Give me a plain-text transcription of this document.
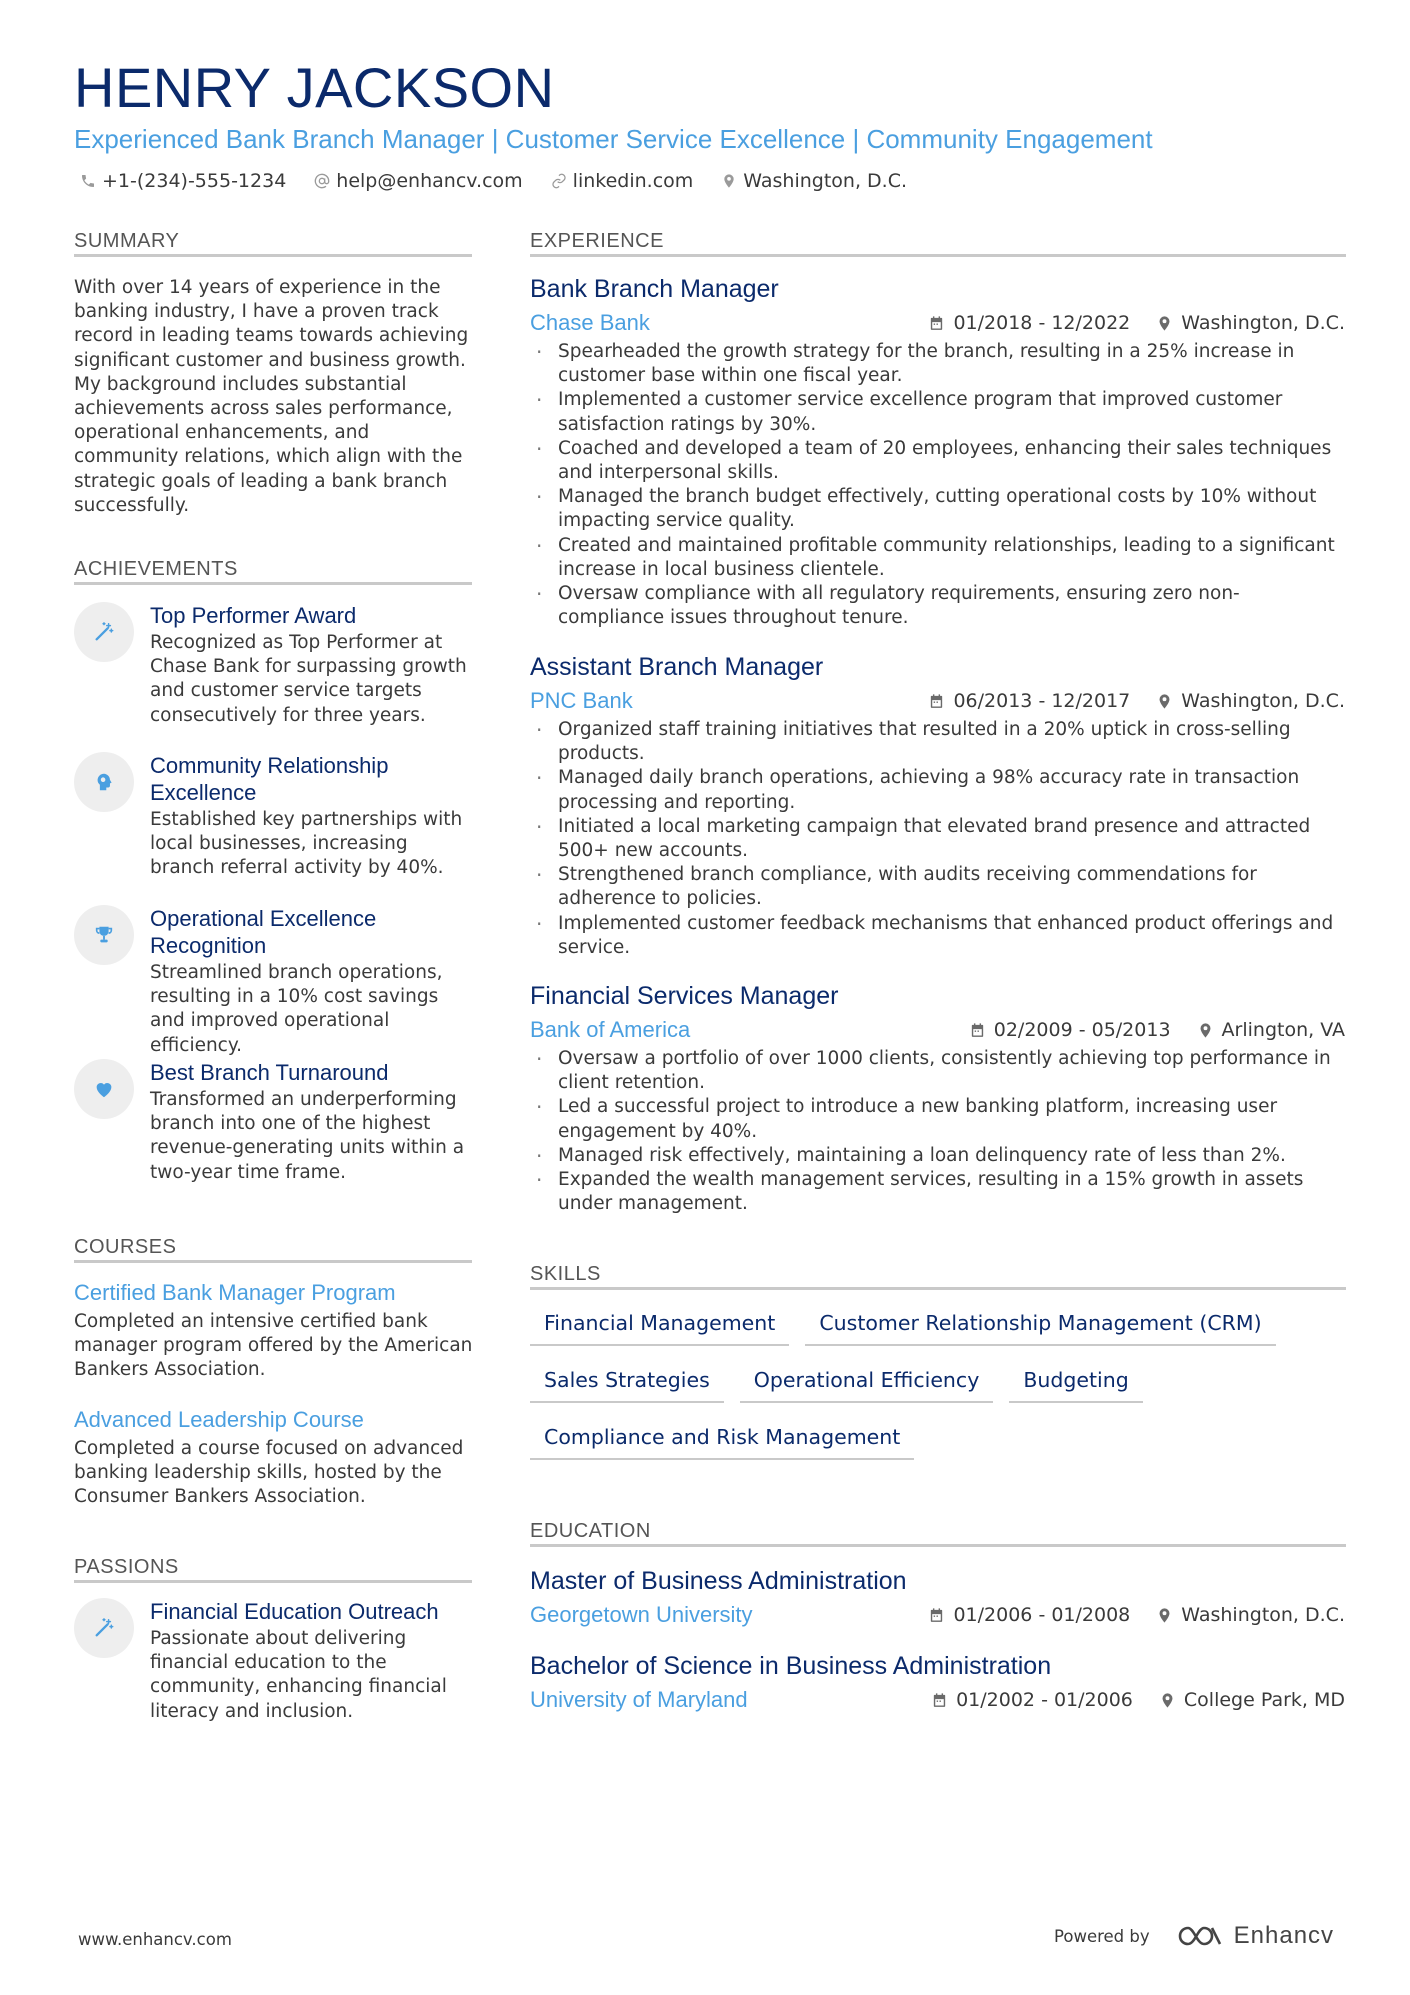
HENRY JACKSON
Experienced Bank Branch Manager | Customer Service Excellence | Community Engagement
+1-(234)-555-1234	help@enhancv.com	linkedin.com	Washington, D.C.
SUMMARY
With over 14 years of experience in the banking industry, I have a proven track record in leading teams towards achieving significant customer and business growth. My background includes substantial achievements across sales performance, operational enhancements, and community relations, which align with the strategic goals of leading a bank branch successfully.
ACHIEVEMENTS
Top Performer Award
Recognized as Top Performer at Chase Bank for surpassing growth and customer service targets consecutively for three years.
Community Relationship Excellence
Established key partnerships with local businesses, increasing branch referral activity by 40%.
Operational Excellence Recognition
Streamlined branch operations, resulting in a 10% cost savings and improved operational efficiency.
Best Branch Turnaround
Transformed an underperforming branch into one of the highest revenue-generating units within a two-year time frame.
COURSES
Certified Bank Manager Program
Completed an intensive certified bank manager program offered by the American Bankers Association.
Advanced Leadership Course
Completed a course focused on advanced banking leadership skills, hosted by the Consumer Bankers Association.
PASSIONS
Financial Education Outreach
Passionate about delivering financial education to the community, enhancing financial literacy and inclusion.
EXPERIENCE
Bank Branch Manager
Chase Bank	01/2018 - 12/2022	Washington, D.C.
· Spearheaded the growth strategy for the branch, resulting in a 25% increase in customer base within one fiscal year.
· Implemented a customer service excellence program that improved customer satisfaction ratings by 30%.
· Coached and developed a team of 20 employees, enhancing their sales techniques and interpersonal skills.
· Managed the branch budget effectively, cutting operational costs by 10% without impacting service quality.
· Created and maintained profitable community relationships, leading to a significant increase in local business clientele.
· Oversaw compliance with all regulatory requirements, ensuring zero non-compliance issues throughout tenure.
Assistant Branch Manager
PNC Bank	06/2013 - 12/2017	Washington, D.C.
· Organized staff training initiatives that resulted in a 20% uptick in cross-selling products.
· Managed daily branch operations, achieving a 98% accuracy rate in transaction processing and reporting.
· Initiated a local marketing campaign that elevated brand presence and attracted 500+ new accounts.
· Strengthened branch compliance, with audits receiving commendations for adherence to policies.
· Implemented customer feedback mechanisms that enhanced product offerings and service.
Financial Services Manager
Bank of America	02/2009 - 05/2013	Arlington, VA
· Oversaw a portfolio of over 1000 clients, consistently achieving top performance in client retention.
· Led a successful project to introduce a new banking platform, increasing user engagement by 40%.
· Managed risk effectively, maintaining a loan delinquency rate of less than 2%.
· Expanded the wealth management services, resulting in a 15% growth in assets under management.
SKILLS
Financial Management	Customer Relationship Management (CRM)
Sales Strategies	Operational Efficiency	Budgeting
Compliance and Risk Management
EDUCATION
Master of Business Administration
Georgetown University	01/2006 - 01/2008	Washington, D.C.
Bachelor of Science in Business Administration
University of Maryland	01/2002 - 01/2006	College Park, MD
www.enhancv.com	Powered by	Enhancv
